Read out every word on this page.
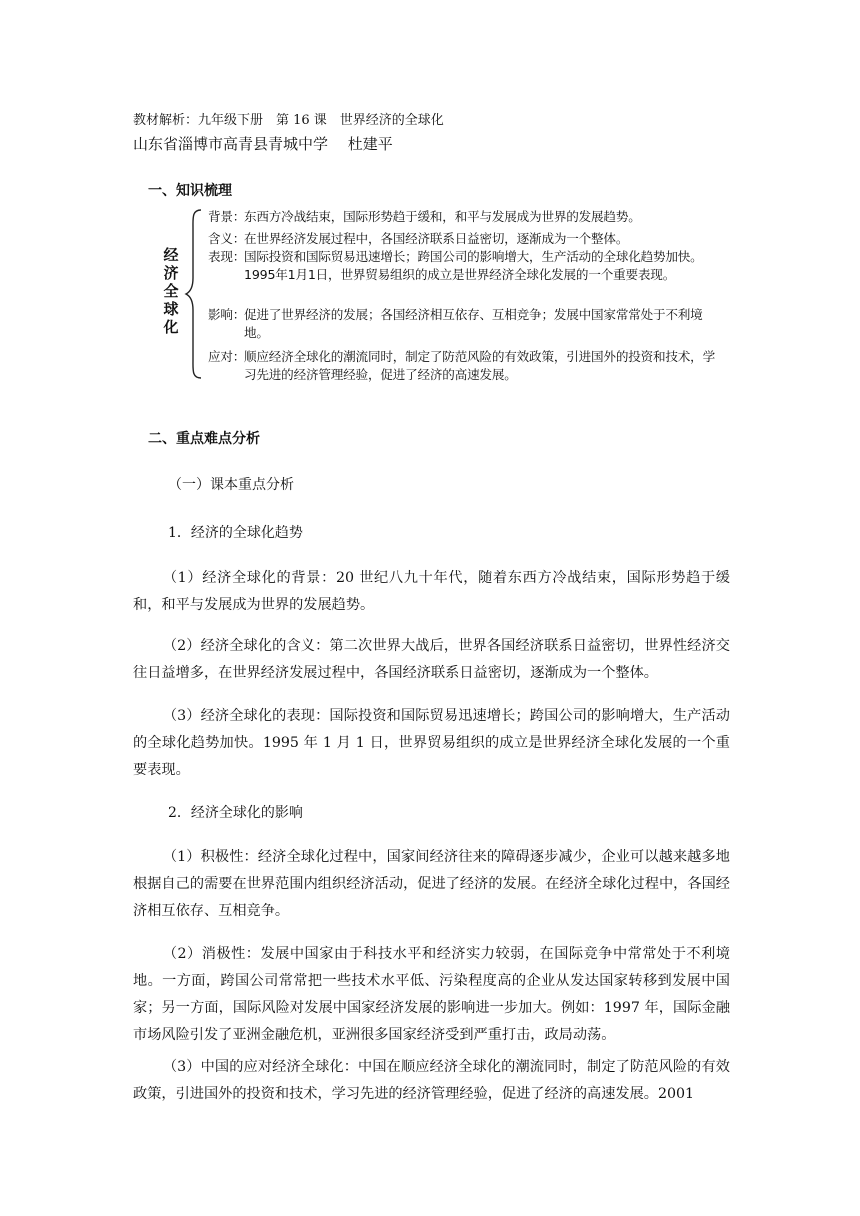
教材解析：九年级下册　第 16 课　世界经济的全球化
山东省淄博市高青县青城中学　 杜建平
一、知识梳理
经济全球化
背景：东西方冷战结束，国际形势趋于缓和，和平与发展成为世界的发展趋势。
含义：在世界经济发展过程中，各国经济联系日益密切，逐渐成为一个整体。
表现：国际投资和国际贸易迅速增长；跨国公司的影响增大，生产活动的全球化趋势加快。1995年1月1日，世界贸易组织的成立是世界经济全球化发展的一个重要表现。
影响：促进了世界经济的发展；各国经济相互依存、互相竞争；发展中国家常常处于不利境地。
应对：顺应经济全球化的潮流同时，制定了防范风险的有效政策，引进国外的投资和技术，学习先进的经济管理经验，促进了经济的高速发展。
二、重点难点分析
（一）课本重点分析
1．经济的全球化趋势
（1）经济全球化的背景：20 世纪八九十年代，随着东西方冷战结束，国际形势趋于缓和，和平与发展成为世界的发展趋势。
（2）经济全球化的含义：第二次世界大战后，世界各国经济联系日益密切，世界性经济交往日益增多，在世界经济发展过程中，各国经济联系日益密切，逐渐成为一个整体。
（3）经济全球化的表现：国际投资和国际贸易迅速增长；跨国公司的影响增大，生产活动的全球化趋势加快。1995 年 1 月 1 日，世界贸易组织的成立是世界经济全球化发展的一个重要表现。
2．经济全球化的影响
（1）积极性：经济全球化过程中，国家间经济往来的障碍逐步减少，企业可以越来越多地根据自己的需要在世界范围内组织经济活动，促进了经济的发展。在经济全球化过程中，各国经济相互依存、互相竞争。
（2）消极性：发展中国家由于科技水平和经济实力较弱，在国际竞争中常常处于不利境地。一方面，跨国公司常常把一些技术水平低、污染程度高的企业从发达国家转移到发展中国家；另一方面，国际风险对发展中国家经济发展的影响进一步加大。例如：1997 年，国际金融市场风险引发了亚洲金融危机，亚洲很多国家经济受到严重打击，政局动荡。
（3）中国的应对经济全球化：中国在顺应经济全球化的潮流同时，制定了防范风险的有效政策，引进国外的投资和技术，学习先进的经济管理经验，促进了经济的高速发展。2001
